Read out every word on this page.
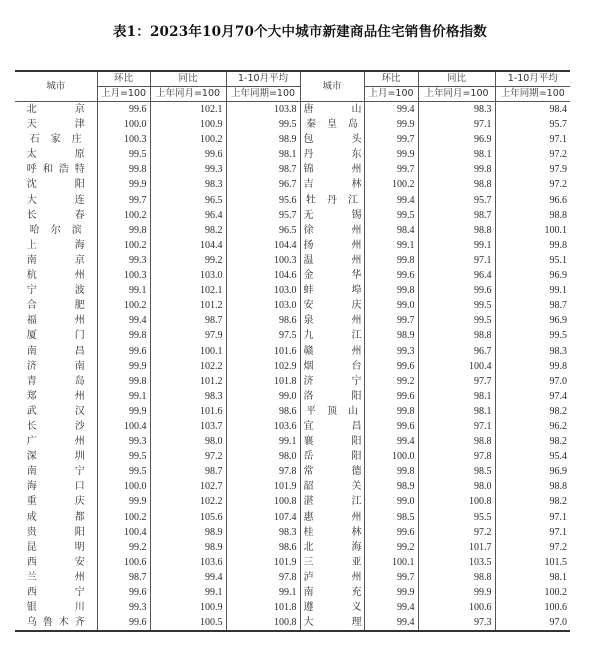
表1：2023年10月70个大中城市新建商品住宅销售价格指数
城市	环比	同比	1-10月平均	城市	环比	同比	1-10月平均
	上月=100	上年同月=100	上年同期=100		上月=100	上年同月=100	上年同期=100
北 京	99.6	102.1	103.8	唐 山	99.4	98.3	98.4
天 津	100.0	100.9	99.5	秦 皇 岛	99.9	97.1	95.7
石 家 庄	100.3	100.2	98.9	包 头	99.7	96.9	97.1
太 原	99.5	99.6	98.1	丹 东	99.9	98.1	97.2
呼 和 浩 特	99.8	99.3	98.7	锦 州	99.7	99.8	97.9
沈 阳	99.9	98.3	96.7	吉 林	100.2	98.8	97.2
大 连	99.7	96.5	95.6	牡 丹 江	99.4	95.7	96.6
长 春	100.2	96.4	95.7	无 锡	99.5	98.7	98.8
哈 尔 滨	99.8	98.2	96.5	徐 州	98.4	98.8	100.1
上 海	100.2	104.4	104.4	扬 州	99.1	99.1	99.8
南 京	99.3	99.2	100.3	温 州	99.8	97.1	95.1
杭 州	100.3	103.0	104.6	金 华	99.6	96.4	96.9
宁 波	99.1	102.1	103.0	蚌 埠	99.8	99.6	99.1
合 肥	100.2	101.2	103.0	安 庆	99.0	99.5	98.7
福 州	99.4	98.7	98.6	泉 州	99.7	99.5	96.9
厦 门	99.8	97.9	97.5	九 江	98.9	98.8	99.5
南 昌	99.6	100.1	101.6	赣 州	99.3	96.7	98.3
济 南	99.9	102.2	102.9	烟 台	99.6	100.4	99.8
青 岛	99.8	101.2	101.8	济 宁	99.2	97.7	97.0
郑 州	99.1	98.3	99.0	洛 阳	99.6	98.1	97.4
武 汉	99.9	101.6	98.6	平 顶 山	99.8	98.1	98.2
长 沙	100.4	103.7	103.6	宜 昌	99.6	97.1	96.2
广 州	99.3	98.0	99.1	襄 阳	99.4	98.8	98.2
深 圳	99.5	97.2	98.0	岳 阳	100.0	97.8	95.4
南 宁	99.5	98.7	97.8	常 德	99.8	98.5	96.9
海 口	100.0	102.7	101.9	韶 关	98.9	98.0	98.8
重 庆	99.9	102.2	100.8	湛 江	99.0	100.8	98.2
成 都	100.2	105.6	107.4	惠 州	98.5	95.5	97.1
贵 阳	100.4	98.9	98.3	桂 林	99.6	97.2	97.1
昆 明	99.2	98.9	98.6	北 海	99.2	101.7	97.2
西 安	100.6	103.6	101.9	三 亚	100.1	103.5	101.5
兰 州	98.7	99.4	97.8	泸 州	99.7	98.8	98.1
西 宁	99.6	99.1	99.1	南 充	99.9	99.9	100.2
银 川	99.3	100.9	101.8	遵 义	99.4	100.6	100.6
乌 鲁 木 齐	99.6	100.5	100.8	大 理	99.4	97.3	97.0
